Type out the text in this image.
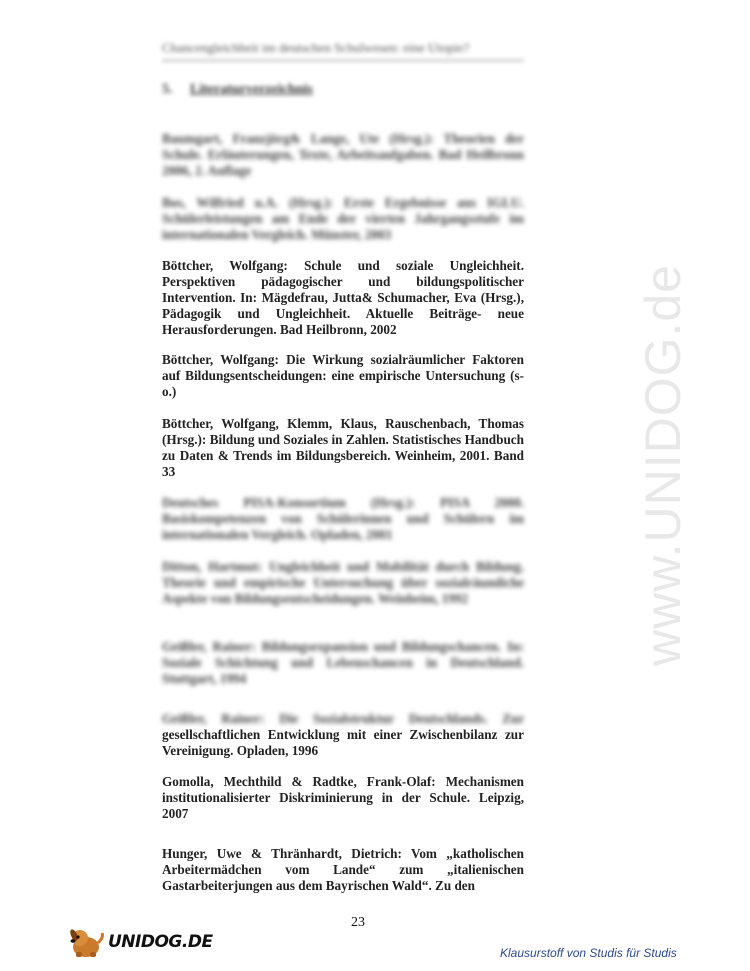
Chancengleichheit im deutschen Schulwesen: eine Utopie?
5. Literaturverzeichnis
Baumgart, Franzjörg& Lange, Ute (Hrsg.): Theorien der Schule. Erläuterungen, Texte, Arbeitsaufgaben. Bad Heilbronn 2006, 2. Auflage
Bos, Wilfried u.A. (Hrsg.): Erste Ergebnisse aus IGLU. Schülerleistungen am Ende der vierten Jahrgangsstufe im internationalen Vergleich. Münster, 2003
Böttcher, Wolfgang: Schule und soziale Ungleichheit. Perspektiven pädagogischer und bildungspolitischer Intervention. In: Mägdefrau, Jutta& Schumacher, Eva (Hrsg.), Pädagogik und Ungleichheit. Aktuelle Beiträge- neue Herausforderungen. Bad Heilbronn, 2002
Böttcher, Wolfgang: Die Wirkung sozialräumlicher Faktoren auf Bildungsentscheidungen: eine empirische Untersuchung (s-o.)
Böttcher, Wolfgang, Klemm, Klaus, Rauschenbach, Thomas (Hrsg.): Bildung und Soziales in Zahlen. Statistisches Handbuch zu Daten & Trends im Bildungsbereich. Weinheim, 2001. Band 33
Deutsches PISA-Konsortium (Hrsg.): PISA 2000. Basiskompetenzen von Schülerinnen und Schülern im internationalen Vergleich. Opladen, 2001
Ditton, Hartmut: Ungleichheit und Mobilität durch Bildung. Theorie und empirische Untersuchung über sozialräumliche Aspekte von Bildungsentscheidungen. Weinheim, 1992
Geißler, Rainer: Bildungsexpansion und Bildungschancen. In: Soziale Schichtung und Lebenschancen in Deutschland. Stuttgart, 1994
Geißler, Rainer: Die Sozialstruktur Deutschlands. Zur gesellschaftlichen Entwicklung mit einer Zwischenbilanz zur Vereinigung. Opladen, 1996
Gomolla, Mechthild & Radtke, Frank-Olaf: Mechanismen institutionalisierter Diskriminierung in der Schule. Leipzig, 2007
Hunger, Uwe & Thränhardt, Dietrich: Vom „katholischen Arbeitermädchen vom Lande“ zum „italienischen Gastarbeiterjungen aus dem Bayrischen Wald“. Zu den
www.UNIDOG.de
23
UNIDOG.DE
Klausurstoff von Studis für Studis
